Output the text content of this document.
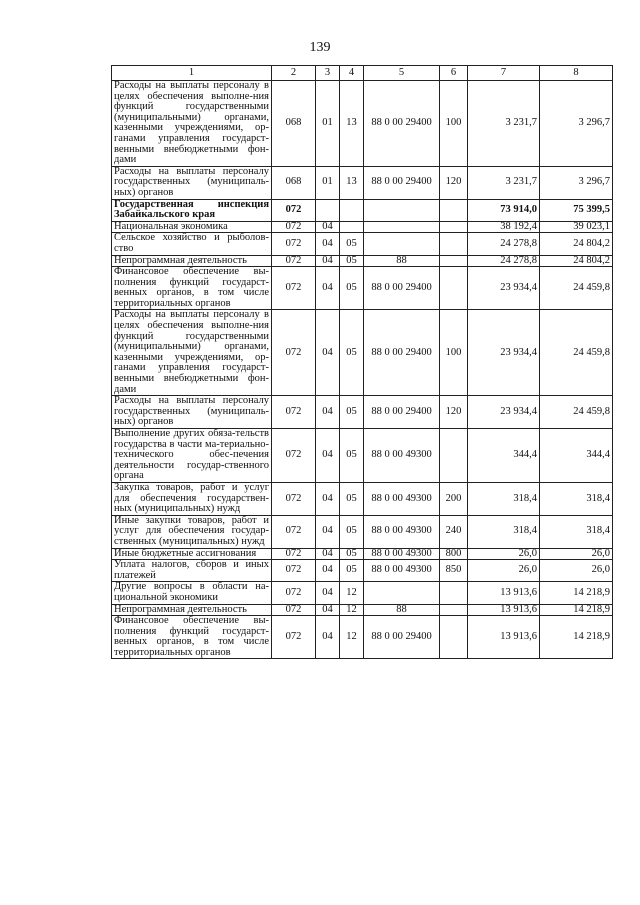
139
1	2	3	4	5	6	7	8
Расходы на выплаты персоналу в целях обеспечения выполне-ния функций государственными (муниципальными) органами, казенными учреждениями, ор-ганами управления государст-венными внебюджетными фон-дами	068	01	13	88 0 00 29400	100	3 231,7	3 296,7
Расходы на выплаты персоналу государственных (муниципаль-ных) органов	068	01	13	88 0 00 29400	120	3 231,7	3 296,7
Государственная инспекция Забайкальского края	072					73 914,0	75 399,5
Национальная экономика	072	04				38 192,4	39 023,1
Сельское хозяйство и рыболов-ство	072	04	05			24 278,8	24 804,2
Непрограммная деятельность	072	04	05	88		24 278,8	24 804,2
Финансовое обеспечение вы-полнения функций государст-венных органов, в том числе территориальных органов	072	04	05	88 0 00 29400		23 934,4	24 459,8
Расходы на выплаты персоналу в целях обеспечения выполне-ния функций государственными (муниципальными) органами, казенными учреждениями, ор-ганами управления государст-венными внебюджетными фон-дами	072	04	05	88 0 00 29400	100	23 934,4	24 459,8
Расходы на выплаты персоналу государственных (муниципаль-ных) органов	072	04	05	88 0 00 29400	120	23 934,4	24 459,8
Выполнение других обяза-тельств государства в части ма-териально-технического обес-печения деятельности государ-ственного органа	072	04	05	88 0 00 49300		344,4	344,4
Закупка товаров, работ и услуг для обеспечения государствен-ных (муниципальных) нужд	072	04	05	88 0 00 49300	200	318,4	318,4
Иные закупки товаров, работ и услуг для обеспечения государ-ственных (муниципальных) нужд	072	04	05	88 0 00 49300	240	318,4	318,4
Иные бюджетные ассигнования	072	04	05	88 0 00 49300	800	26,0	26,0
Уплата налогов, сборов и иных платежей	072	04	05	88 0 00 49300	850	26,0	26,0
Другие вопросы в области на-циональной экономики	072	04	12			13 913,6	14 218,9
Непрограммная деятельность	072	04	12	88		13 913,6	14 218,9
Финансовое обеспечение вы-полнения функций государст-венных органов, в том числе территориальных органов	072	04	12	88 0 00 29400		13 913,6	14 218,9
